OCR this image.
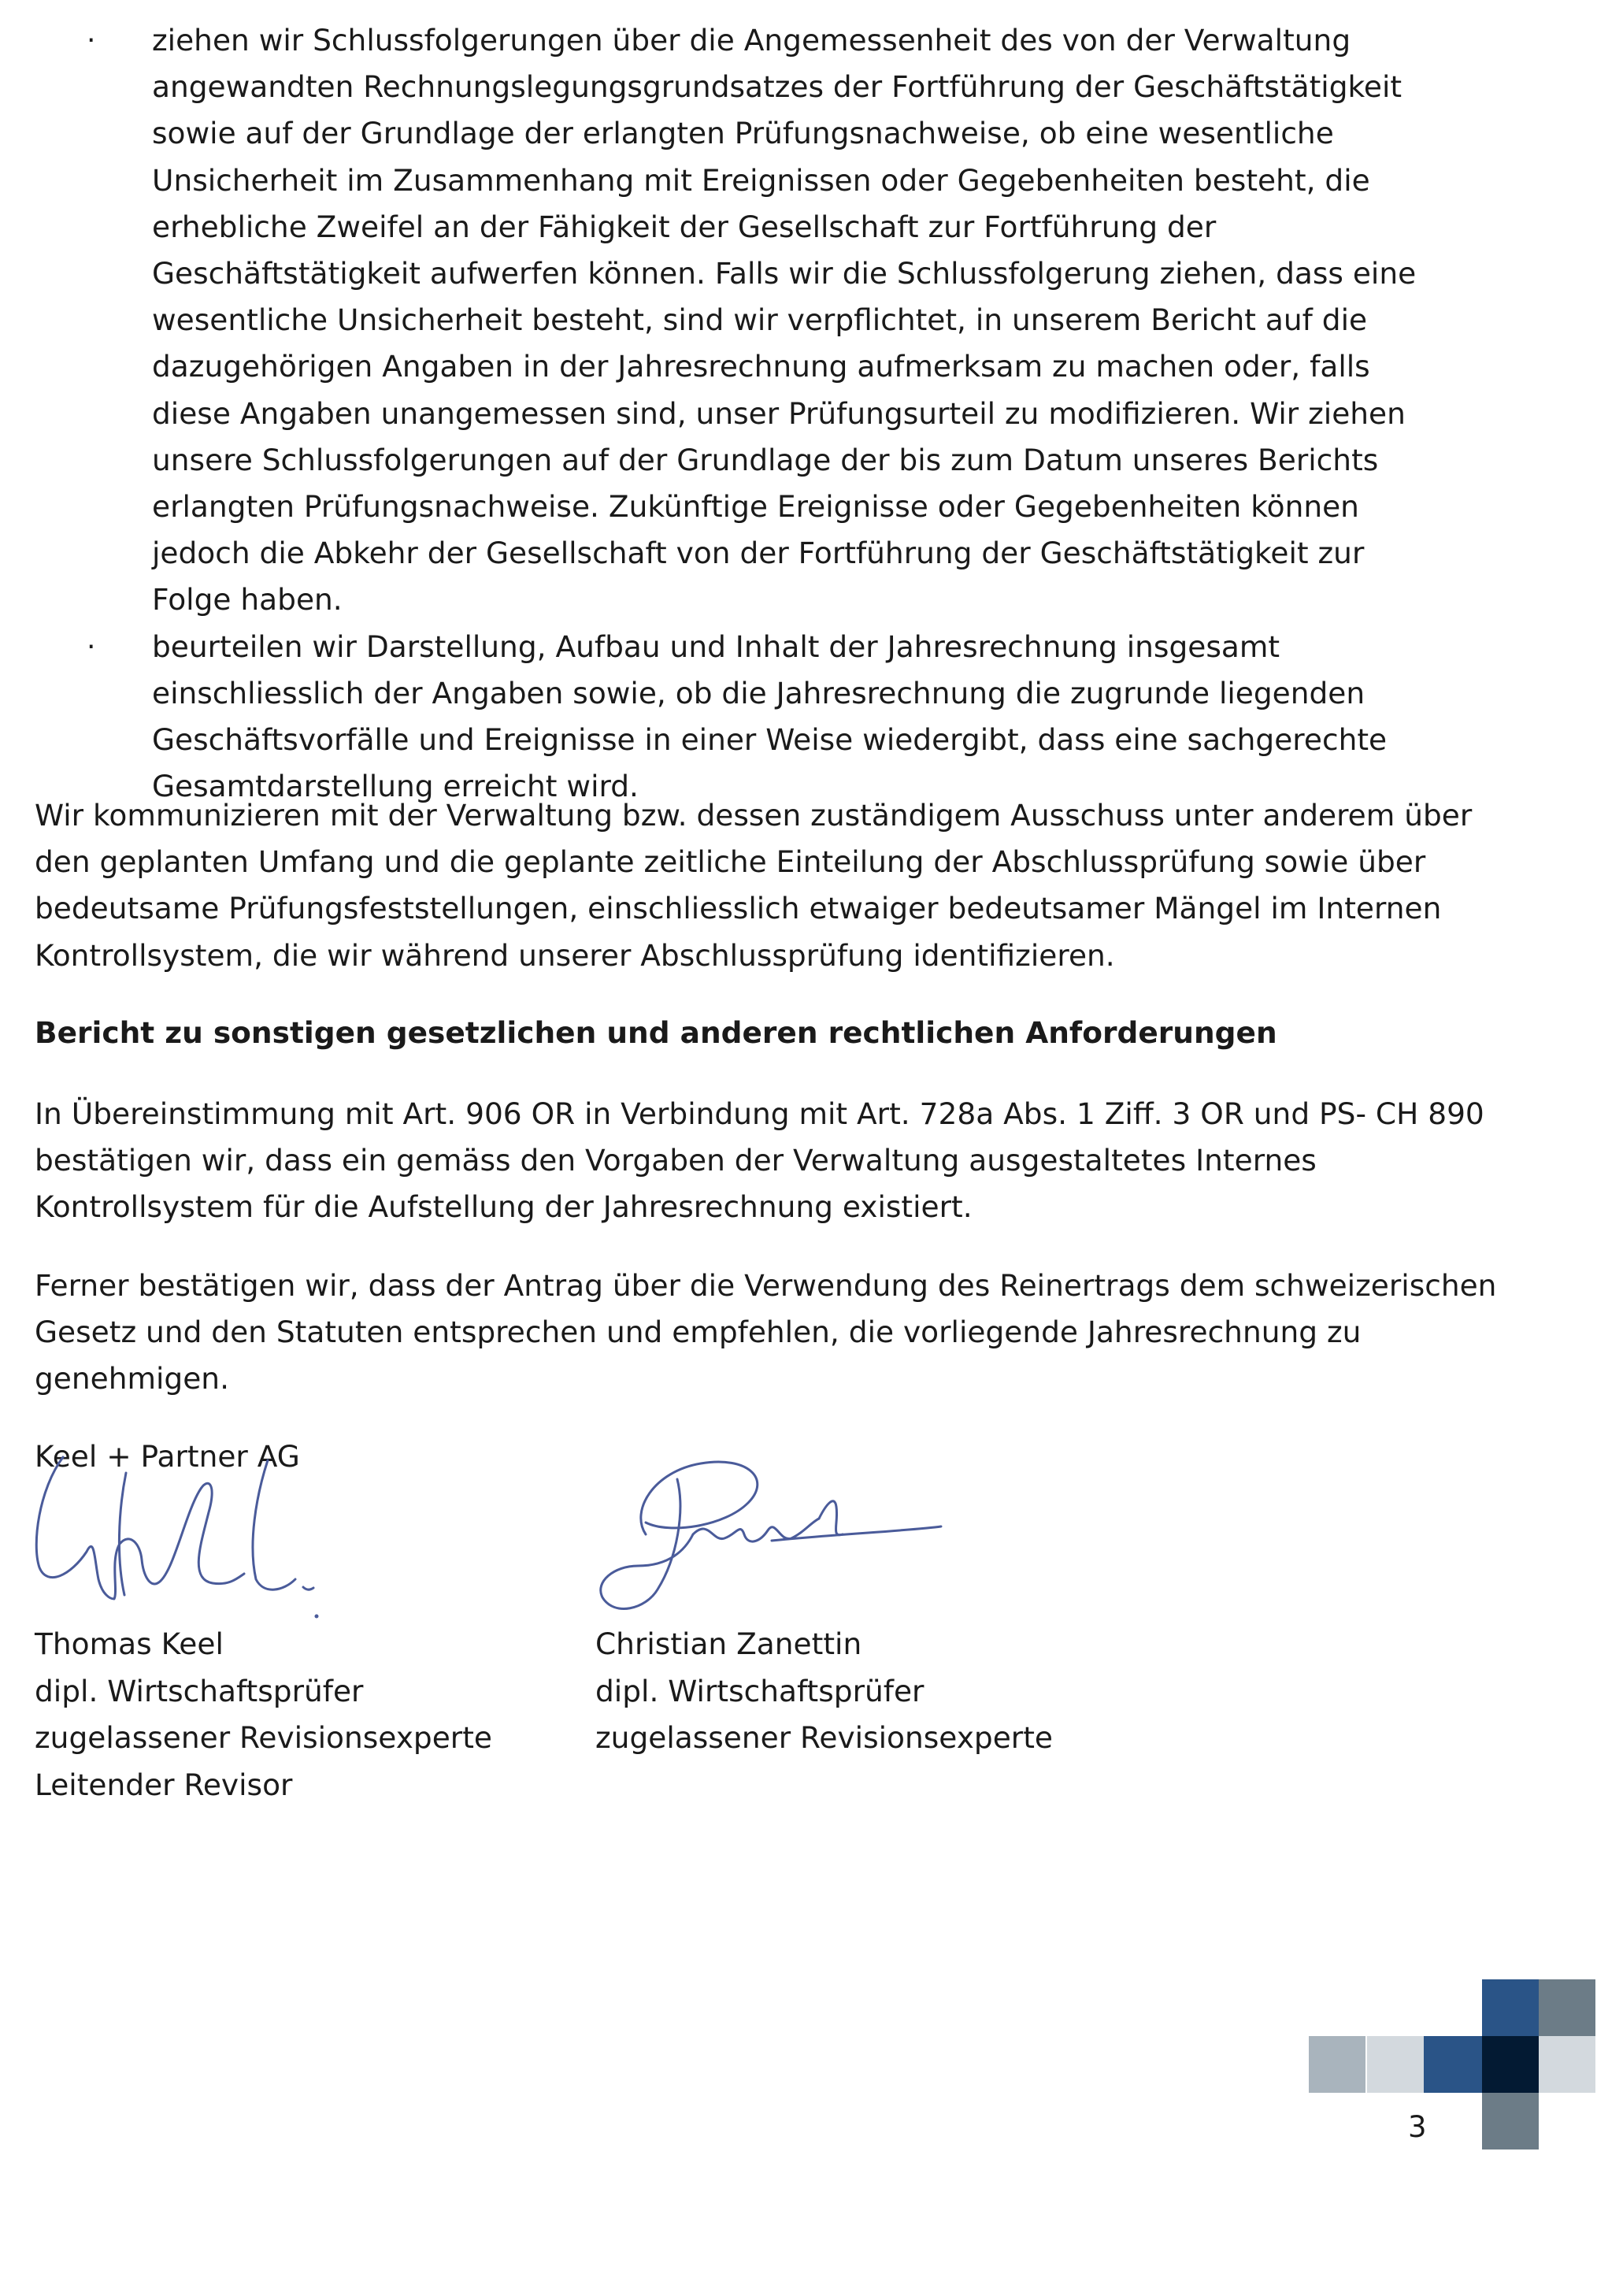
· ziehen wir Schlussfolgerungen über die Angemessenheit des von der Verwaltung angewandten Rechnungslegungsgrundsatzes der Fortführung der Geschäftstätigkeit sowie auf der Grundlage der erlangten Prüfungsnachweise, ob eine wesentliche Unsicherheit im Zusammenhang mit Ereignissen oder Gegebenheiten besteht, die erhebliche Zweifel an der Fähigkeit der Gesellschaft zur Fortführung der Geschäftstätigkeit aufwerfen können. Falls wir die Schlussfolgerung ziehen, dass eine wesentliche Unsicherheit besteht, sind wir verpflichtet, in unserem Bericht auf die dazugehörigen Angaben in der Jahresrechnung aufmerksam zu machen oder, falls diese Angaben unangemessen sind, unser Prüfungsurteil zu modifizieren. Wir ziehen unsere Schlussfolgerungen auf der Grundlage der bis zum Datum unseres Berichts erlangten Prüfungsnachweise. Zukünftige Ereignisse oder Gegebenheiten können jedoch die Abkehr der Gesellschaft von der Fortführung der Geschäftstätigkeit zur Folge haben.
· beurteilen wir Darstellung, Aufbau und Inhalt der Jahresrechnung insgesamt einschliesslich der Angaben sowie, ob die Jahresrechnung die zugrunde liegenden Geschäftsvorfälle und Ereignisse in einer Weise wiedergibt, dass eine sachgerechte Gesamtdarstellung erreicht wird.

Wir kommunizieren mit der Verwaltung bzw. dessen zuständigem Ausschuss unter anderem über den geplanten Umfang und die geplante zeitliche Einteilung der Abschlussprüfung sowie über bedeutsame Prüfungsfeststellungen, einschliesslich etwaiger bedeutsamer Mängel im Internen Kontrollsystem, die wir während unserer Abschlussprüfung identifizieren.

Bericht zu sonstigen gesetzlichen und anderen rechtlichen Anforderungen

In Übereinstimmung mit Art. 906 OR in Verbindung mit Art. 728a Abs. 1 Ziff. 3 OR und PS- CH 890 bestätigen wir, dass ein gemäss den Vorgaben der Verwaltung ausgestaltetes Internes Kontrollsystem für die Aufstellung der Jahresrechnung existiert.

Ferner bestätigen wir, dass der Antrag über die Verwendung des Reinertrags dem schweizerischen Gesetz und den Statuten entsprechen und empfehlen, die vorliegende Jahresrechnung zu genehmigen.

Keel + Partner AG
Thomas Keel
dipl. Wirtschaftsprüfer
zugelassener Revisionsexperte
Leitender Revisor
Christian Zanettin
dipl. Wirtschaftsprüfer
zugelassener Revisionsexperte
3
